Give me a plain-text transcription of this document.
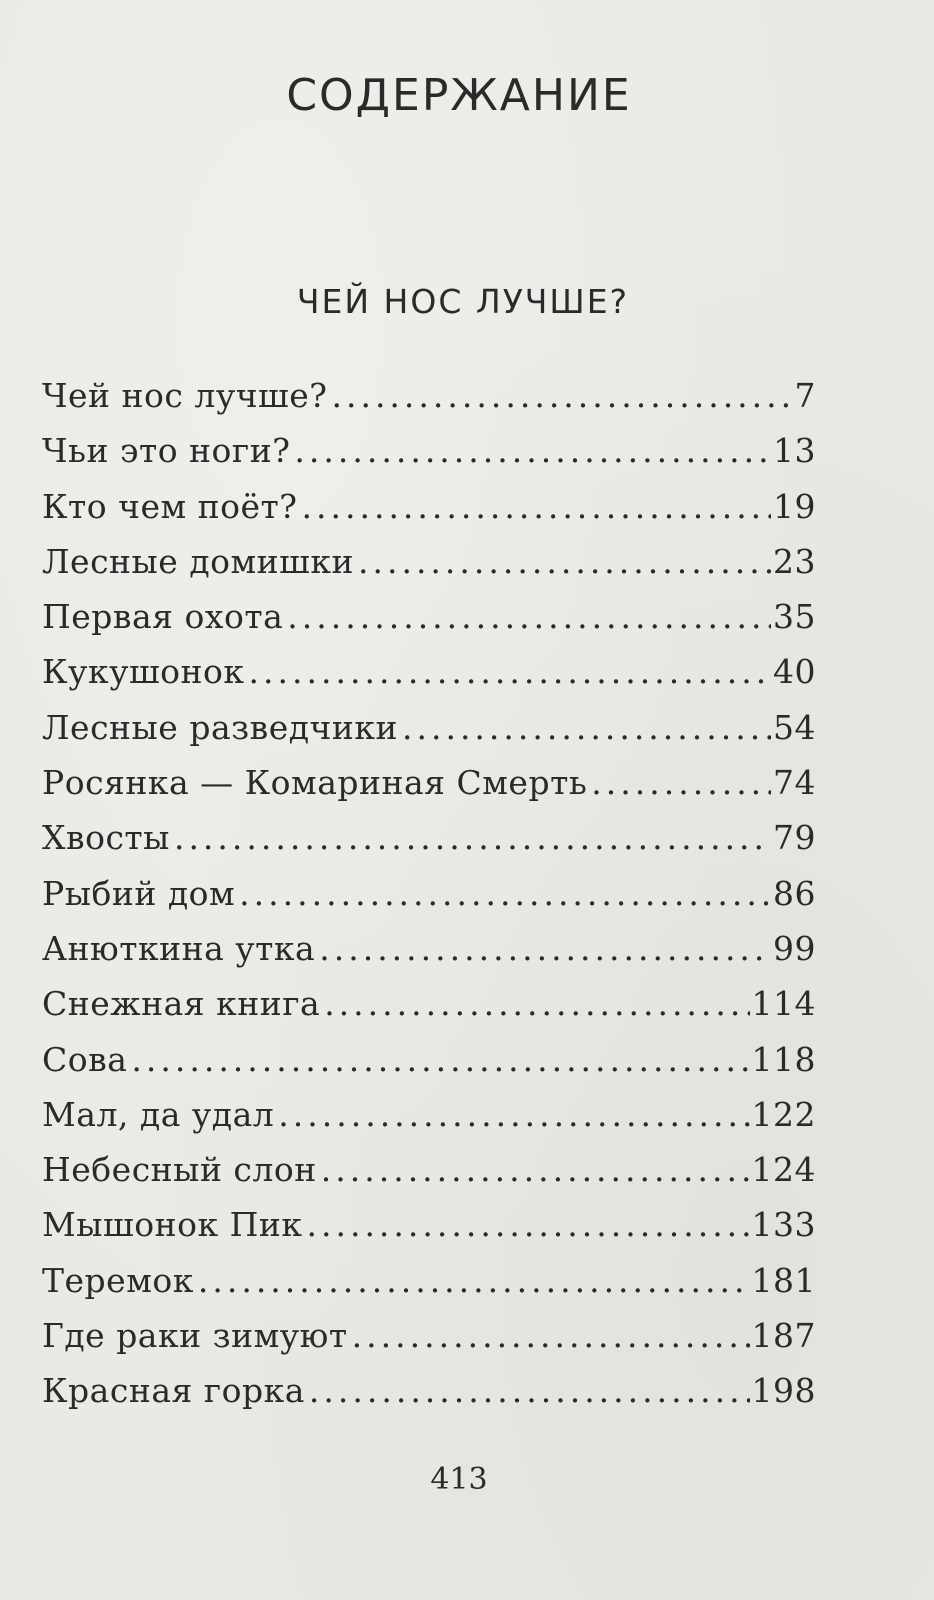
СОДЕРЖАНИЕ
ЧЕЙ НОС ЛУЧШЕ?
Чей нос лучше? .....	7
Чьи это ноги? .....	13
Кто чем поёт? .....	19
Лесные домишки .....	23
Первая охота .....	35
Кукушонок .....	40
Лесные разведчики .....	54
Росянка — Комариная Смерть .....	74
Хвосты .....	79
Рыбий дом .....	86
Анюткина утка .....	99
Снежная книга .....	114
Сова .....	118
Мал, да удал .....	122
Небесный слон .....	124
Мышонок Пик .....	133
Теремок .....	181
Где раки зимуют .....	187
Красная горка .....	198

413
